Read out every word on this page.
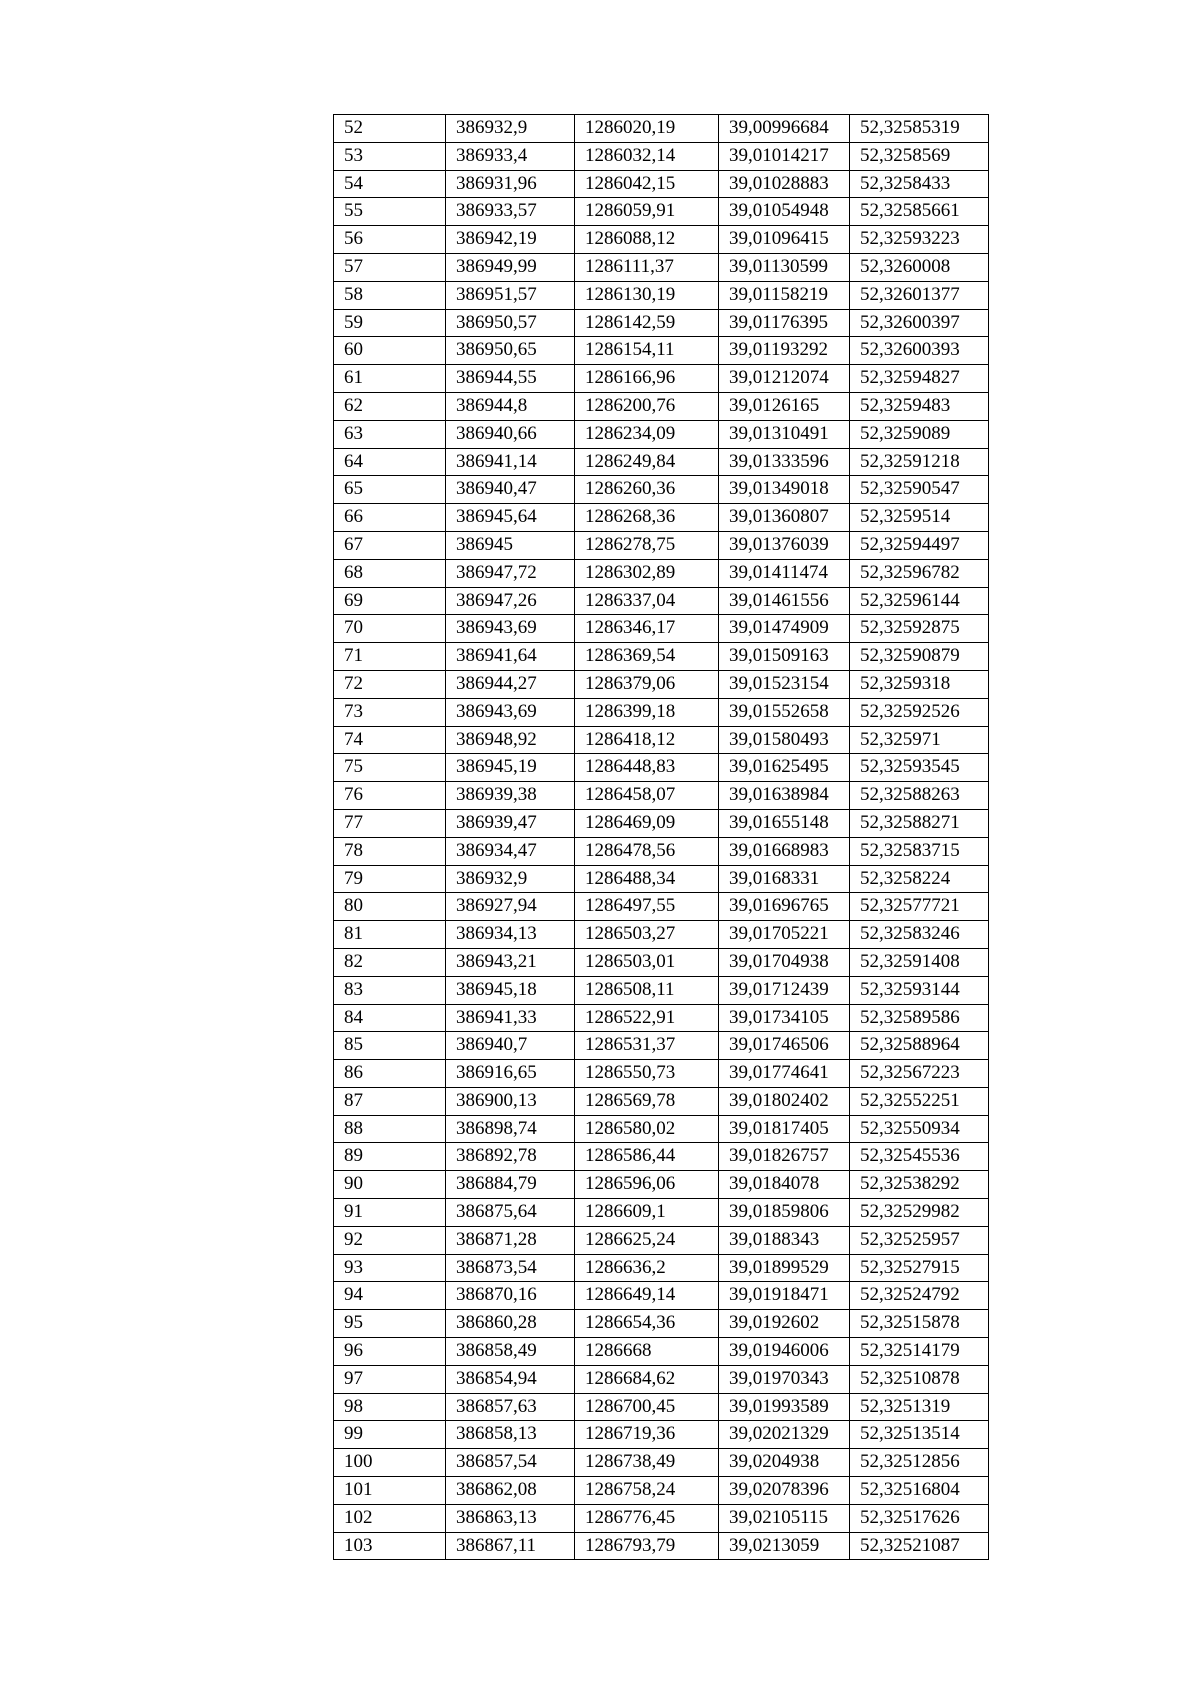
52	386932,9	1286020,19	39,00996684	52,32585319
53	386933,4	1286032,14	39,01014217	52,3258569
54	386931,96	1286042,15	39,01028883	52,3258433
55	386933,57	1286059,91	39,01054948	52,32585661
56	386942,19	1286088,12	39,01096415	52,32593223
57	386949,99	1286111,37	39,01130599	52,3260008
58	386951,57	1286130,19	39,01158219	52,32601377
59	386950,57	1286142,59	39,01176395	52,32600397
60	386950,65	1286154,11	39,01193292	52,32600393
61	386944,55	1286166,96	39,01212074	52,32594827
62	386944,8	1286200,76	39,0126165	52,3259483
63	386940,66	1286234,09	39,01310491	52,3259089
64	386941,14	1286249,84	39,01333596	52,32591218
65	386940,47	1286260,36	39,01349018	52,32590547
66	386945,64	1286268,36	39,01360807	52,3259514
67	386945	1286278,75	39,01376039	52,32594497
68	386947,72	1286302,89	39,01411474	52,32596782
69	386947,26	1286337,04	39,01461556	52,32596144
70	386943,69	1286346,17	39,01474909	52,32592875
71	386941,64	1286369,54	39,01509163	52,32590879
72	386944,27	1286379,06	39,01523154	52,3259318
73	386943,69	1286399,18	39,01552658	52,32592526
74	386948,92	1286418,12	39,01580493	52,325971
75	386945,19	1286448,83	39,01625495	52,32593545
76	386939,38	1286458,07	39,01638984	52,32588263
77	386939,47	1286469,09	39,01655148	52,32588271
78	386934,47	1286478,56	39,01668983	52,32583715
79	386932,9	1286488,34	39,0168331	52,3258224
80	386927,94	1286497,55	39,01696765	52,32577721
81	386934,13	1286503,27	39,01705221	52,32583246
82	386943,21	1286503,01	39,01704938	52,32591408
83	386945,18	1286508,11	39,01712439	52,32593144
84	386941,33	1286522,91	39,01734105	52,32589586
85	386940,7	1286531,37	39,01746506	52,32588964
86	386916,65	1286550,73	39,01774641	52,32567223
87	386900,13	1286569,78	39,01802402	52,32552251
88	386898,74	1286580,02	39,01817405	52,32550934
89	386892,78	1286586,44	39,01826757	52,32545536
90	386884,79	1286596,06	39,0184078	52,32538292
91	386875,64	1286609,1	39,01859806	52,32529982
92	386871,28	1286625,24	39,0188343	52,32525957
93	386873,54	1286636,2	39,01899529	52,32527915
94	386870,16	1286649,14	39,01918471	52,32524792
95	386860,28	1286654,36	39,0192602	52,32515878
96	386858,49	1286668	39,01946006	52,32514179
97	386854,94	1286684,62	39,01970343	52,32510878
98	386857,63	1286700,45	39,01993589	52,3251319
99	386858,13	1286719,36	39,02021329	52,32513514
100	386857,54	1286738,49	39,0204938	52,32512856
101	386862,08	1286758,24	39,02078396	52,32516804
102	386863,13	1286776,45	39,02105115	52,32517626
103	386867,11	1286793,79	39,0213059	52,32521087
